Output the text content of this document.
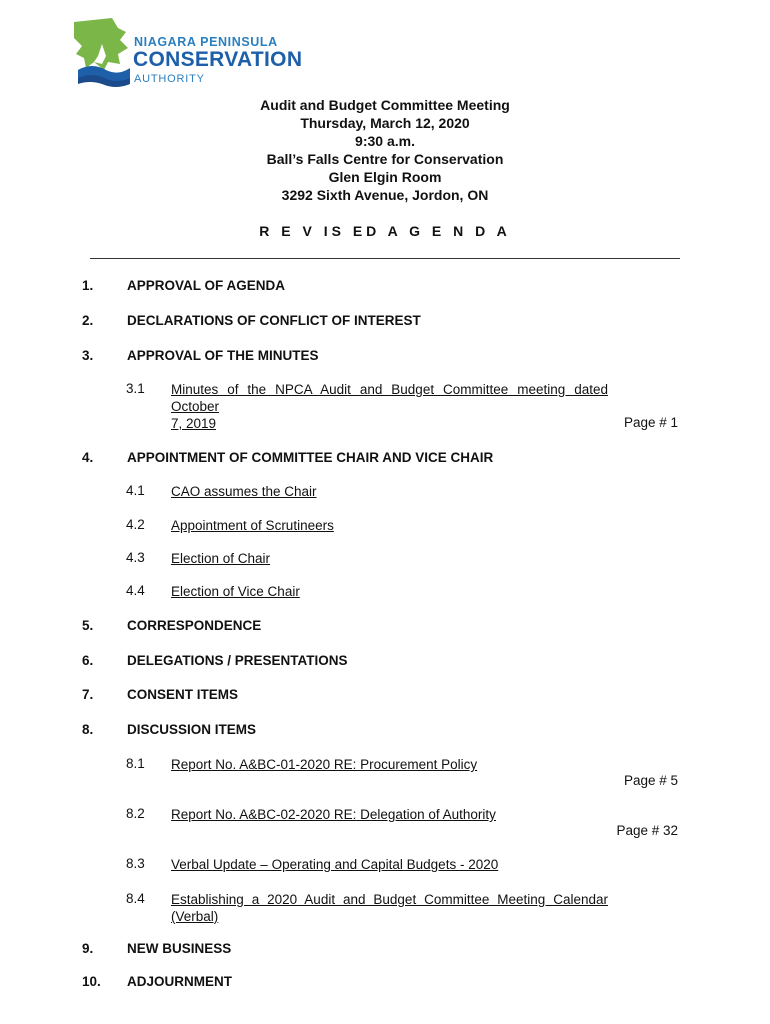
NIAGARA PENINSULA
CONSERVATION
AUTHORITY
Audit and Budget Committee Meeting
Thursday, March 12, 2020
9:30 a.m.
Ball’s Falls Centre for Conservation
Glen Elgin Room
3292 Sixth Avenue, Jordon, ON
R E V IS ED A G E N D A
1. APPROVAL OF AGENDA
2. DECLARATIONS OF CONFLICT OF INTEREST
3. APPROVAL OF THE MINUTES
3.1 Minutes of the NPCA Audit and Budget Committee meeting dated
October 7, 2019	Page # 1
4. APPOINTMENT OF COMMITTEE CHAIR AND VICE CHAIR
4.1 CAO assumes the Chair
4.2 Appointment of Scrutineers
4.3 Election of Chair
4.4 Election of Vice Chair
5. CORRESPONDENCE
6. DELEGATIONS / PRESENTATIONS
7. CONSENT ITEMS
8. DISCUSSION ITEMS
8.1 Report No. A&BC-01-2020 RE: Procurement Policy
Page # 5
8.2 Report No. A&BC-02-2020 RE: Delegation of Authority
Page # 32
8.3 Verbal Update – Operating and Capital Budgets - 2020
8.4 Establishing a 2020 Audit and Budget Committee Meeting Calendar
(Verbal)
9. NEW BUSINESS
10. ADJOURNMENT
